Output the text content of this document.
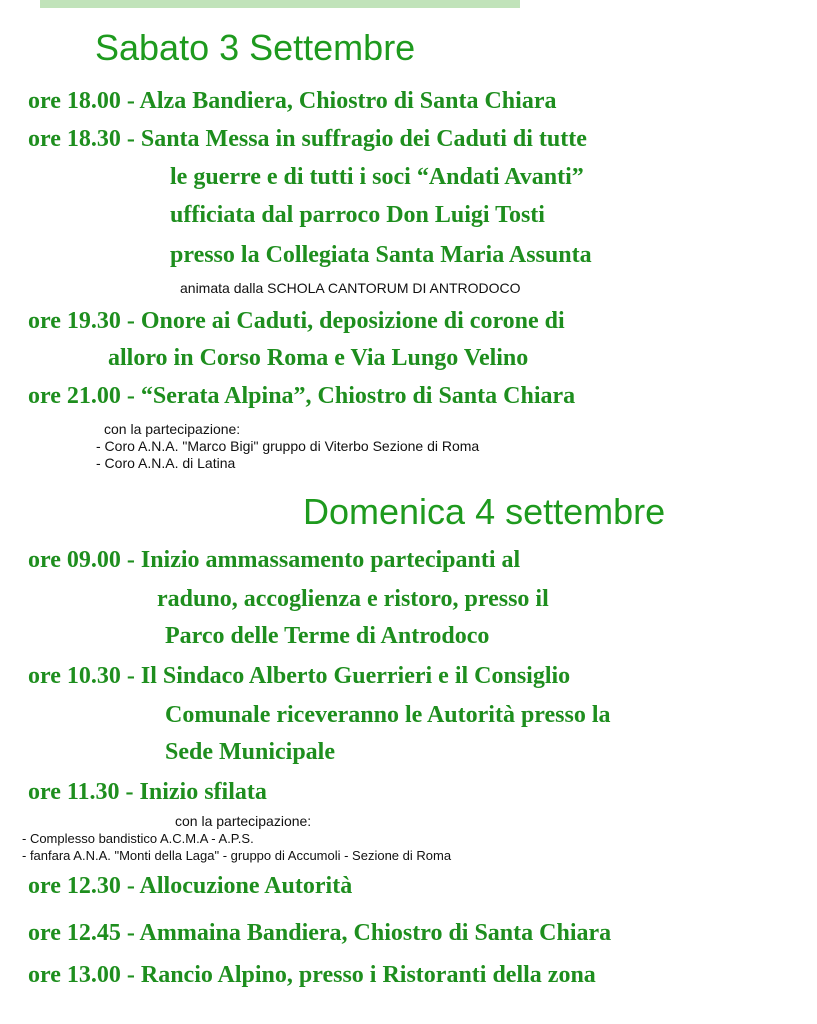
Sabato 3 Settembre
ore 18.00 - Alza Bandiera, Chiostro di Santa Chiara
ore 18.30 - Santa Messa in suffragio dei Caduti di tutte
le guerre e di tutti i soci “Andati Avanti”
ufficiata dal parroco Don Luigi Tosti
presso la Collegiata Santa Maria Assunta
animata dalla SCHOLA CANTORUM DI ANTRODOCO
ore 19.30 - Onore ai Caduti, deposizione di corone di
alloro in Corso Roma e Via Lungo Velino
ore 21.00 - “Serata Alpina”, Chiostro di Santa Chiara
con la partecipazione:
- Coro A.N.A. "Marco Bigi" gruppo di Viterbo Sezione di Roma
- Coro A.N.A. di Latina
Domenica 4 settembre
ore 09.00 - Inizio ammassamento partecipanti al
raduno, accoglienza e ristoro, presso il
Parco delle Terme di Antrodoco
ore 10.30 - Il Sindaco Alberto Guerrieri e il Consiglio
Comunale riceveranno le Autorità presso la
Sede Municipale
ore 11.30 - Inizio sfilata
con la partecipazione:
- Complesso bandistico A.C.M.A - A.P.S.
- fanfara A.N.A. "Monti della Laga" - gruppo di Accumoli - Sezione di Roma
ore 12.30 - Allocuzione Autorità
ore 12.45 - Ammaina Bandiera, Chiostro di Santa Chiara
ore 13.00 - Rancio Alpino, presso i Ristoranti della zona
